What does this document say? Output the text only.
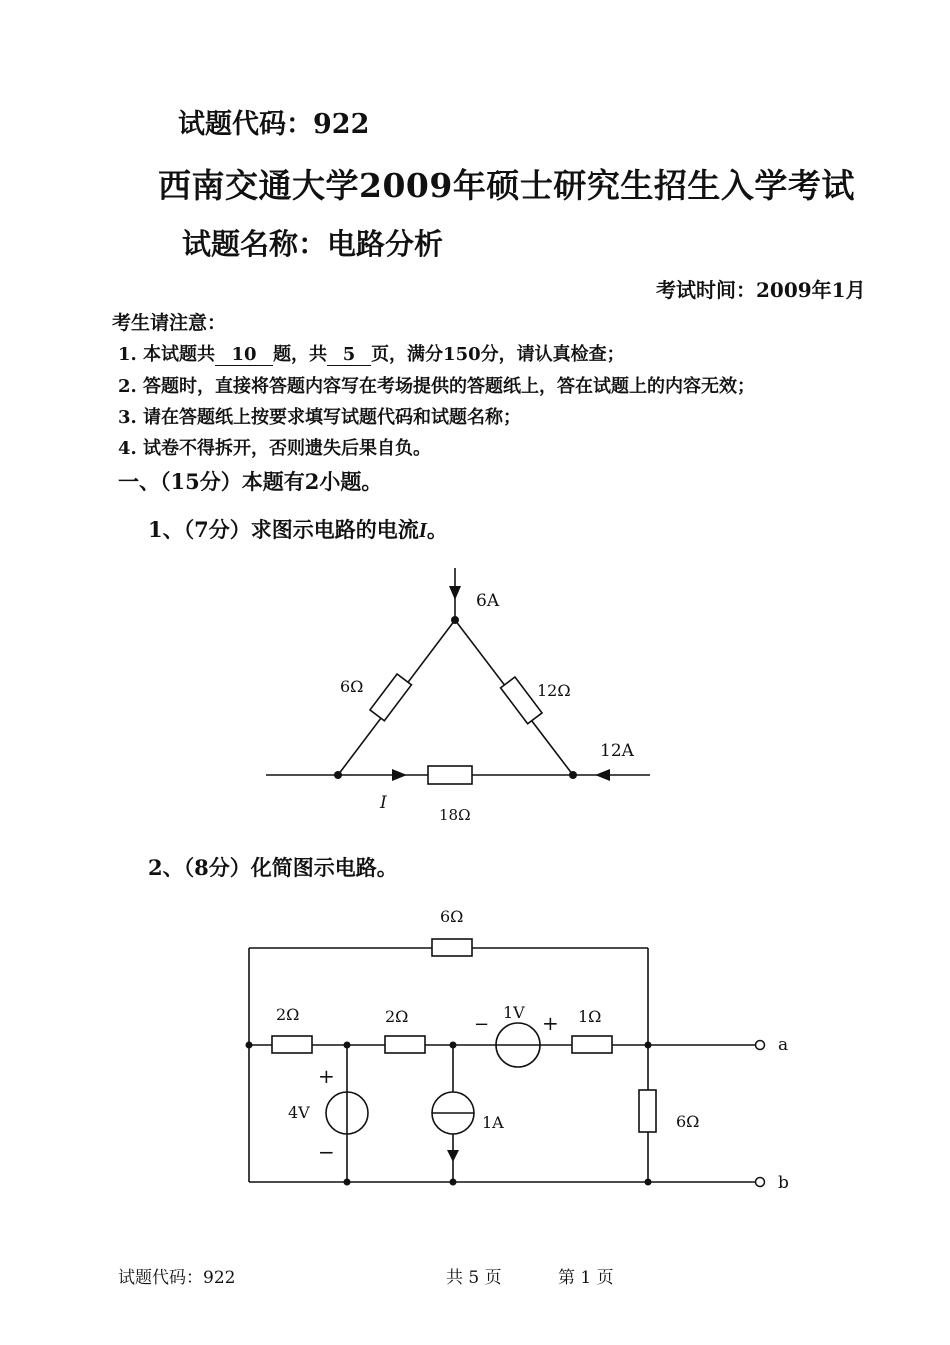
试题代码：922
西南交通大学2009年硕士研究生招生入学考试
试题名称：电路分析
考试时间：2009年1月
考生请注意：
1. 本试题共 10 题，共 5 页，满分150分，请认真检查；
2. 答题时，直接将答题内容写在考场提供的答题纸上，答在试题上的内容无效；
3. 请在答题纸上按要求填写试题代码和试题名称；
4. 试卷不得拆开，否则遗失后果自负。
一、（15分）本题有2小题。
1、（7分）求图示电路的电流I。
6A
6Ω	12Ω
12A
I
18Ω
2、（8分）化简图示电路。
6Ω
2Ω	2Ω	1V
−	+ 1Ω
a
b
+
4V
−
1A	6Ω
试题代码：922	共 5 页	第 1 页
